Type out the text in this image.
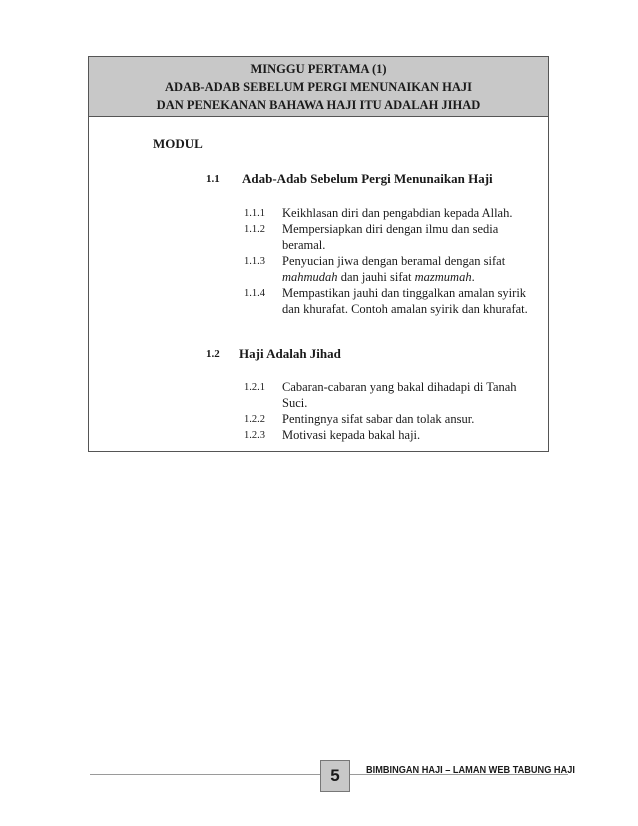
MINGGU PERTAMA (1)
ADAB-ADAB SEBELUM PERGI MENUNAIKAN HAJI
DAN PENEKANAN BAHAWA HAJI ITU ADALAH JIHAD
MODUL
1.1 Adab-Adab Sebelum Pergi Menunaikan Haji
1.1.1 Keikhlasan diri dan pengabdian kepada Allah.
1.1.2 Mempersiapkan diri dengan ilmu dan sedia beramal.
1.1.3 Penyucian jiwa dengan beramal dengan sifat mahmudah dan jauhi sifat mazmumah.
1.1.4 Mempastikan jauhi dan tinggalkan amalan syirik dan khurafat. Contoh amalan syirik dan khurafat.
1.2 Haji Adalah Jihad
1.2.1 Cabaran-cabaran yang bakal dihadapi di Tanah Suci.
1.2.2 Pentingnya sifat sabar dan tolak ansur.
1.2.3 Motivasi kepada bakal haji.
5	BIMBINGAN HAJI – LAMAN WEB TABUNG HAJI
